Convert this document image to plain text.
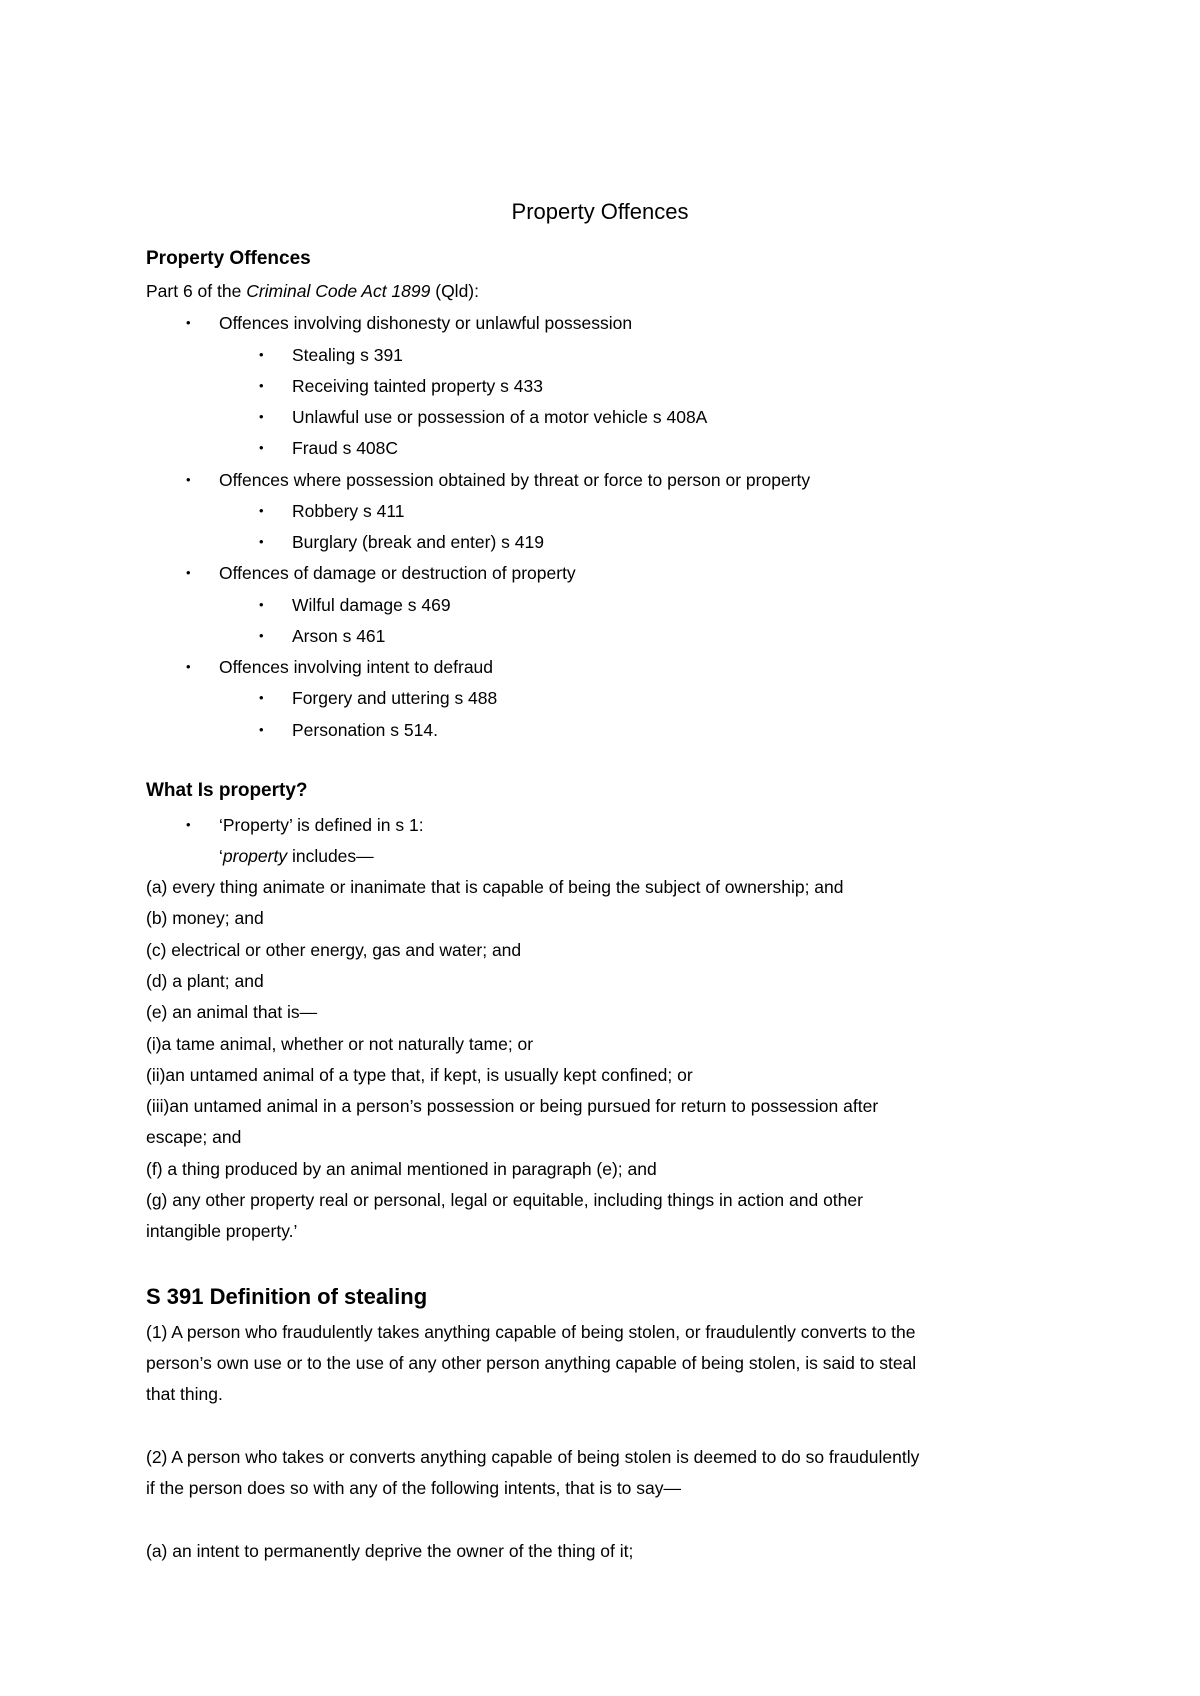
Property Offences
Property Offences
Part 6 of the Criminal Code Act 1899 (Qld):
• Offences involving dishonesty or unlawful possession
• Stealing s 391
• Receiving tainted property s 433
• Unlawful use or possession of a motor vehicle s 408A
• Fraud s 408C
• Offences where possession obtained by threat or force to person or property
• Robbery s 411
• Burglary (break and enter) s 419
• Offences of damage or destruction of property
• Wilful damage s 469
• Arson s 461
• Offences involving intent to defraud
• Forgery and uttering s 488
• Personation s 514.
What Is property?
• ‘Property’ is defined in s 1:
‘property includes—
(a) every thing animate or inanimate that is capable of being the subject of ownership; and
(b) money; and
(c) electrical or other energy, gas and water; and
(d) a plant; and
(e) an animal that is—
(i)a tame animal, whether or not naturally tame; or
(ii)an untamed animal of a type that, if kept, is usually kept confined; or
(iii)an untamed animal in a person’s possession or being pursued for return to possession after
escape; and
(f) a thing produced by an animal mentioned in paragraph (e); and
(g) any other property real or personal, legal or equitable, including things in action and other
intangible property.’
S 391 Definition of stealing
(1) A person who fraudulently takes anything capable of being stolen, or fraudulently converts to the
person’s own use or to the use of any other person anything capable of being stolen, is said to steal
that thing.
(2) A person who takes or converts anything capable of being stolen is deemed to do so fraudulently
if the person does so with any of the following intents, that is to say—
(a) an intent to permanently deprive the owner of the thing of it;
